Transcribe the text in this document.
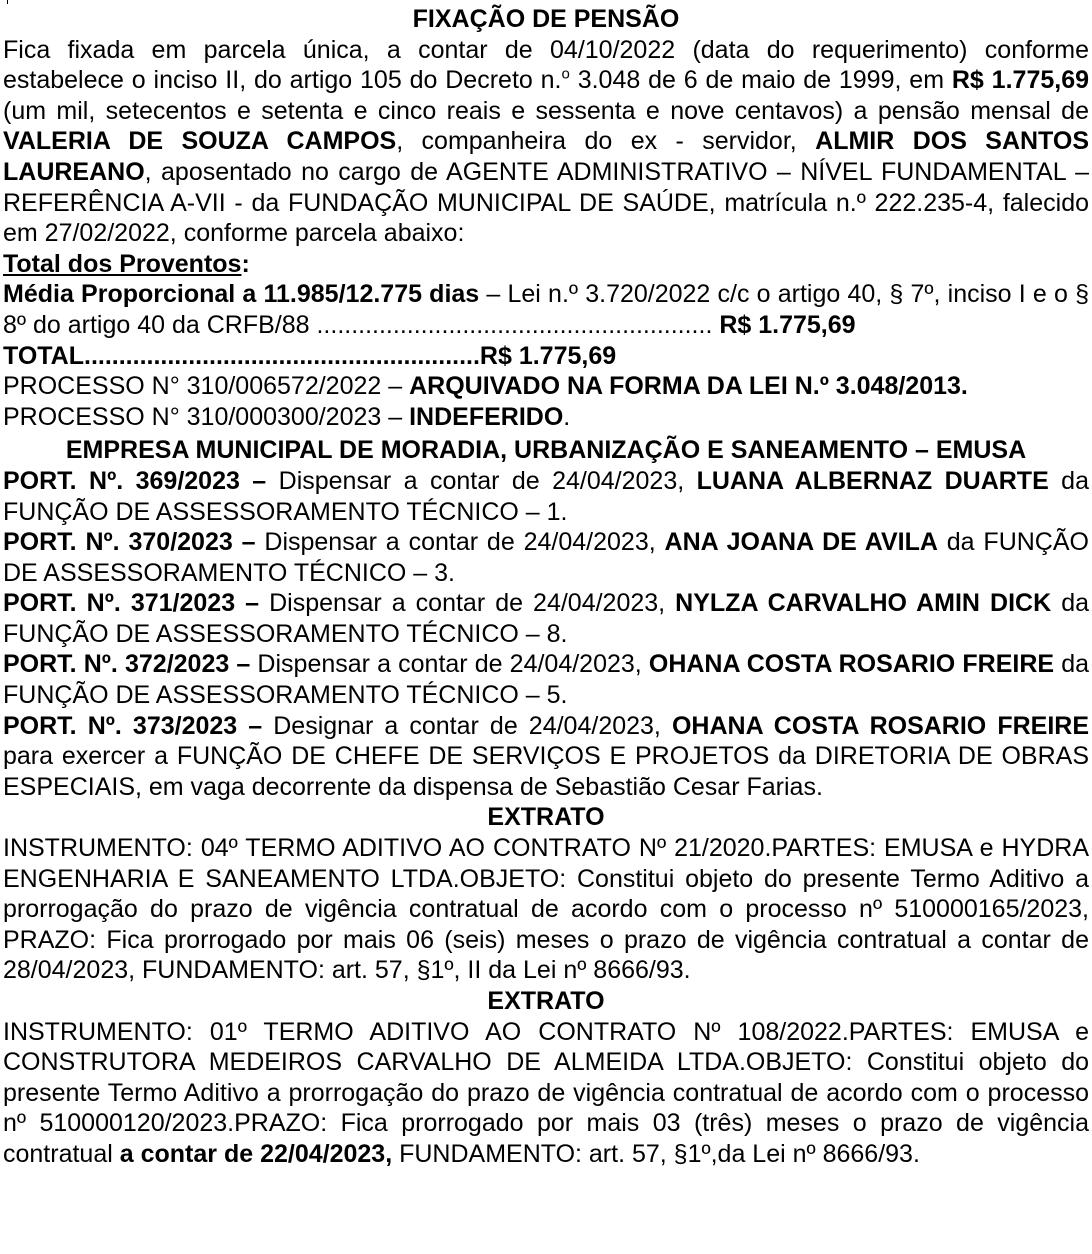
FIXAÇÃO DE PENSÃO

Fica fixada em parcela única, a contar de 04/10/2022 (data do requerimento) conforme estabelece o inciso II, do artigo 105 do Decreto n.$^o$ 3.048 de 6 de maio de 1999, em R$ 1.775,69 (um mil, setecentos e setenta e cinco reais e sessenta e nove centavos) a pensão mensal de VALERIA DE SOUZA CAMPOS, companheira do ex - servidor, ALMIR DOS SANTOS LAUREANO, aposentado no cargo de AGENTE ADMINISTRATIVO – NÍVEL FUNDAMENTAL – REFERÊNCIA A-VII - da FUNDAÇÃO MUNICIPAL DE SAÚDE, matrícula n.º 222.235-4, falecido em 27/02/2022, conforme parcela abaixo:

Total dos Proventos:

Média Proporcional a 11.985/12.775 dias – Lei n.º 3.720/2022 c/c o artigo 40, § 7º, inciso I e o § 8º do artigo 40 da CRFB/88 ......................................................... R$ 1.775,69

TOTAL.........................................................R$ 1.775,69

PROCESSO N° 310/006572/2022 – ARQUIVADO NA FORMA DA LEI N.º 3.048/2013.

PROCESSO N° 310/000300/2023 – INDEFERIDO.

EMPRESA MUNICIPAL DE MORADIA, URBANIZAÇÃO E SANEAMENTO – EMUSA

PORT. Nº. 369/2023 – Dispensar a contar de 24/04/2023, LUANA ALBERNAZ DUARTE da FUNÇÃO DE ASSESSORAMENTO TÉCNICO – 1.

PORT. Nº. 370/2023 – Dispensar a contar de 24/04/2023, ANA JOANA DE AVILA da FUNÇÃO DE ASSESSORAMENTO TÉCNICO – 3.

PORT. Nº. 371/2023 – Dispensar a contar de 24/04/2023, NYLZA CARVALHO AMIN DICK da FUNÇÃO DE ASSESSORAMENTO TÉCNICO – 8.

PORT. Nº. 372/2023 – Dispensar a contar de 24/04/2023, OHANA COSTA ROSARIO FREIRE da FUNÇÃO DE ASSESSORAMENTO TÉCNICO – 5.

PORT. Nº. 373/2023 – Designar a contar de 24/04/2023, OHANA COSTA ROSARIO FREIRE para exercer a FUNÇÃO DE CHEFE DE SERVIÇOS E PROJETOS da DIRETORIA DE OBRAS ESPECIAIS, em vaga decorrente da dispensa de Sebastião Cesar Farias.

EXTRATO

INSTRUMENTO: 04º TERMO ADITIVO AO CONTRATO Nº 21/2020.PARTES: EMUSA e HYDRA ENGENHARIA E SANEAMENTO LTDA.OBJETO: Constitui objeto do presente Termo Aditivo a prorrogação do prazo de vigência contratual de acordo com o processo nº 510000165/2023, PRAZO: Fica prorrogado por mais 06 (seis) meses o prazo de vigência contratual a contar de 28/04/2023, FUNDAMENTO: art. 57, §1º, II da Lei nº 8666/93.

EXTRATO

INSTRUMENTO: 01º TERMO ADITIVO AO CONTRATO Nº 108/2022.PARTES: EMUSA e CONSTRUTORA MEDEIROS CARVALHO DE ALMEIDA LTDA.OBJETO: Constitui objeto do presente Termo Aditivo a prorrogação do prazo de vigência contratual de acordo com o processo nº 510000120/2023.PRAZO: Fica prorrogado por mais 03 (três) meses o prazo de vigência contratual a contar de 22/04/2023, FUNDAMENTO: art. 57, §1º,da Lei nº 8666/93.
